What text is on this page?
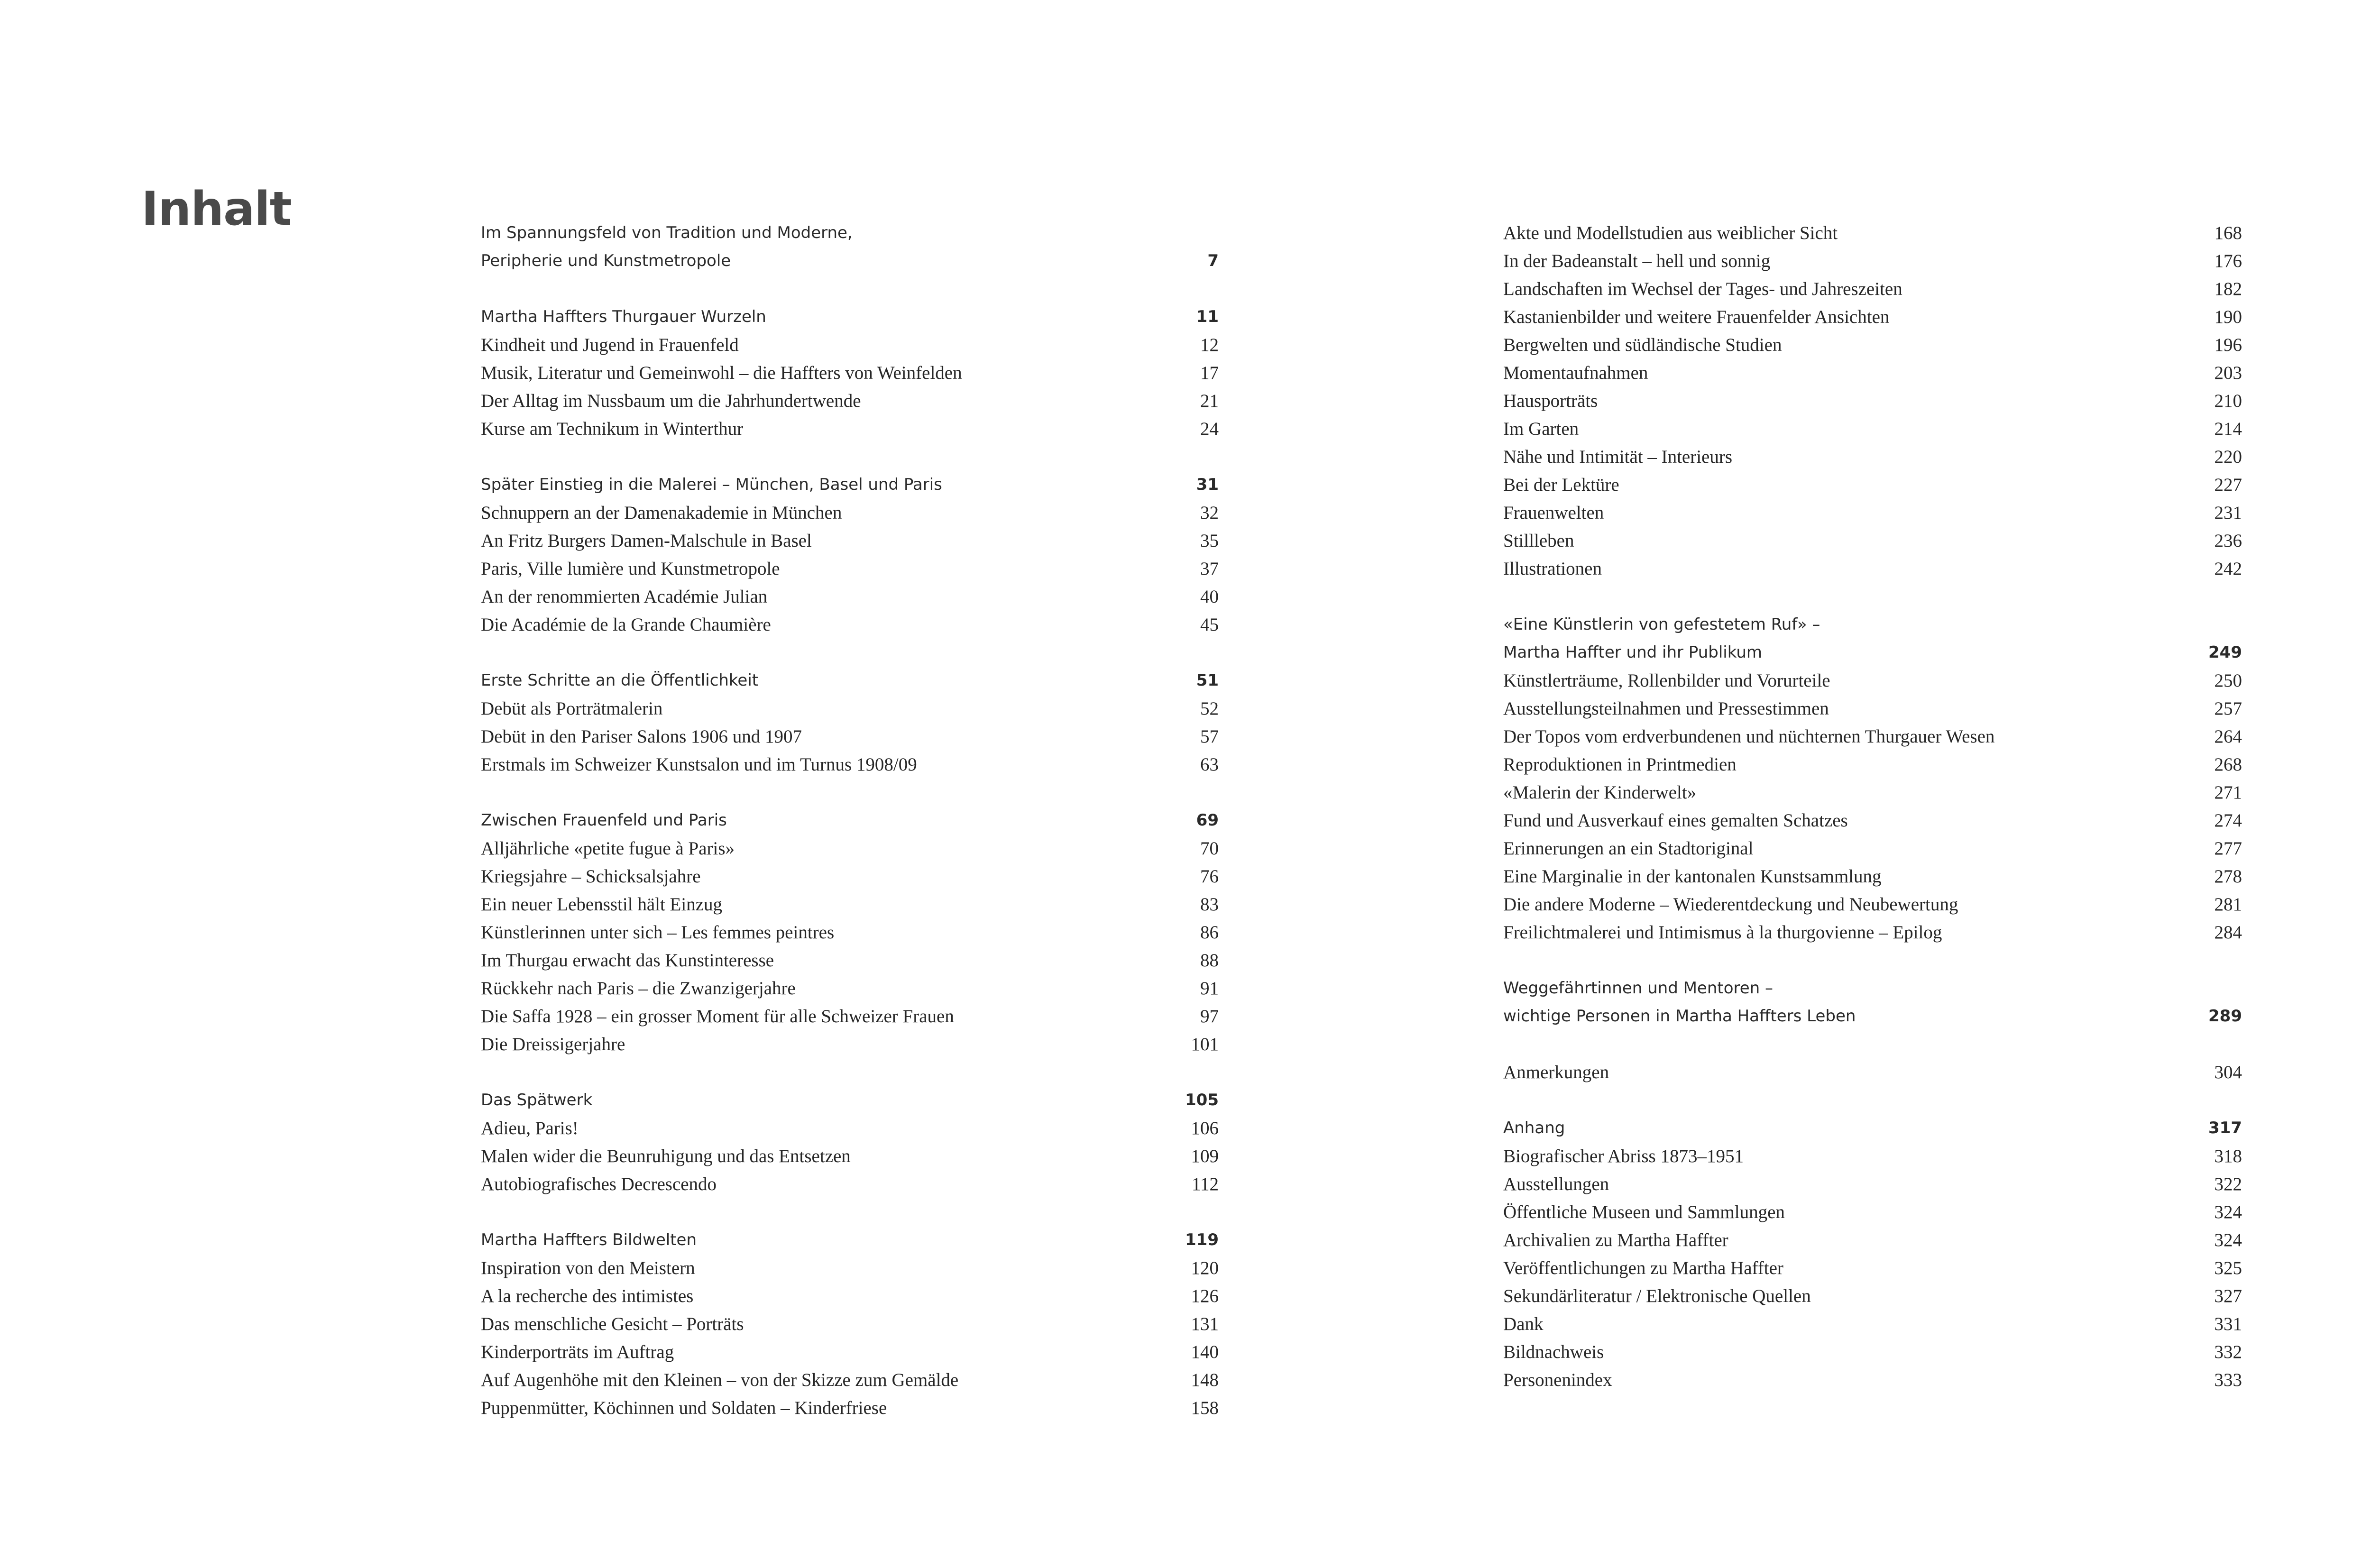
Inhalt	Im Spannungsfeld von Tradition und Moderne,
Peripherie und Kunstmetropole	7
Martha Haffters Thurgauer Wurzeln	11
Kindheit und Jugend in Frauenfeld	12
Musik, Literatur und Gemeinwohl – die Haffters von Weinfelden	17
Der Alltag im Nussbaum um die Jahrhundertwende	21
Kurse am Technikum in Winterthur	24
Später Einstieg in die Malerei – München, Basel und Paris	31
Schnuppern an der Damenakademie in München	32
An Fritz Burgers Damen-Malschule in Basel	35
Paris, Ville lumière und Kunstmetropole	37
An der renommierten Académie Julian	40
Die Académie de la Grande Chaumière	45
Erste Schritte an die Öffentlichkeit	51
Debüt als Porträtmalerin	52
Debüt in den Pariser Salons 1906 und 1907	57
Erstmals im Schweizer Kunstsalon und im Turnus 1908/09	63
Zwischen Frauenfeld und Paris	69
Alljährliche «petite fugue à Paris»	70
Kriegsjahre – Schicksalsjahre	76
Ein neuer Lebensstil hält Einzug	83
Künstlerinnen unter sich – Les femmes peintres	86
Im Thurgau erwacht das Kunstinteresse	88
Rückkehr nach Paris – die Zwanzigerjahre	91
Die Saffa 1928 – ein grosser Moment für alle Schweizer Frauen	97
Die Dreissigerjahre	101
Das Spätwerk	105
Adieu, Paris!	106
Malen wider die Beunruhigung und das Entsetzen	109
Autobiografisches Decrescendo	112
Martha Haffters Bildwelten	119
Inspiration von den Meistern	120
A la recherche des intimistes	126
Das menschliche Gesicht – Porträts	131
Kinderporträts im Auftrag	140
Auf Augenhöhe mit den Kleinen – von der Skizze zum Gemälde	148
Puppenmütter, Köchinnen und Soldaten – Kinderfriese	158
Akte und Modellstudien aus weiblicher Sicht	168
In der Badeanstalt – hell und sonnig	176
Landschaften im Wechsel der Tages- und Jahreszeiten	182
Kastanienbilder und weitere Frauenfelder Ansichten	190
Bergwelten und südländische Studien	196
Momentaufnahmen	203
Hausporträts	210
Im Garten	214
Nähe und Intimität – Interieurs	220
Bei der Lektüre	227
Frauenwelten	231
Stillleben	236
Illustrationen	242
«Eine Künstlerin von gefestetem Ruf» –
Martha Haffter und ihr Publikum	249
Künstlerträume, Rollenbilder und Vorurteile	250
Ausstellungsteilnahmen und Pressestimmen	257
Der Topos vom erdverbundenen und nüchternen Thurgauer Wesen	264
Reproduktionen in Printmedien	268
«Malerin der Kinderwelt»	271
Fund und Ausverkauf eines gemalten Schatzes	274
Erinnerungen an ein Stadtoriginal	277
Eine Marginalie in der kantonalen Kunstsammlung	278
Die andere Moderne – Wiederentdeckung und Neubewertung	281
Freilichtmalerei und Intimismus à la thurgovienne – Epilog	284
Weggefährtinnen und Mentoren –
wichtige Personen in Martha Haffters Leben	289
Anmerkungen	304
Anhang	317
Biografischer Abriss 1873–1951	318
Ausstellungen	322
Öffentliche Museen und Sammlungen	324
Archivalien zu Martha Haffter	324
Veröffentlichungen zu Martha Haffter	325
Sekundärliteratur / Elektronische Quellen	327
Dank	331
Bildnachweis	332
Personenindex	333
